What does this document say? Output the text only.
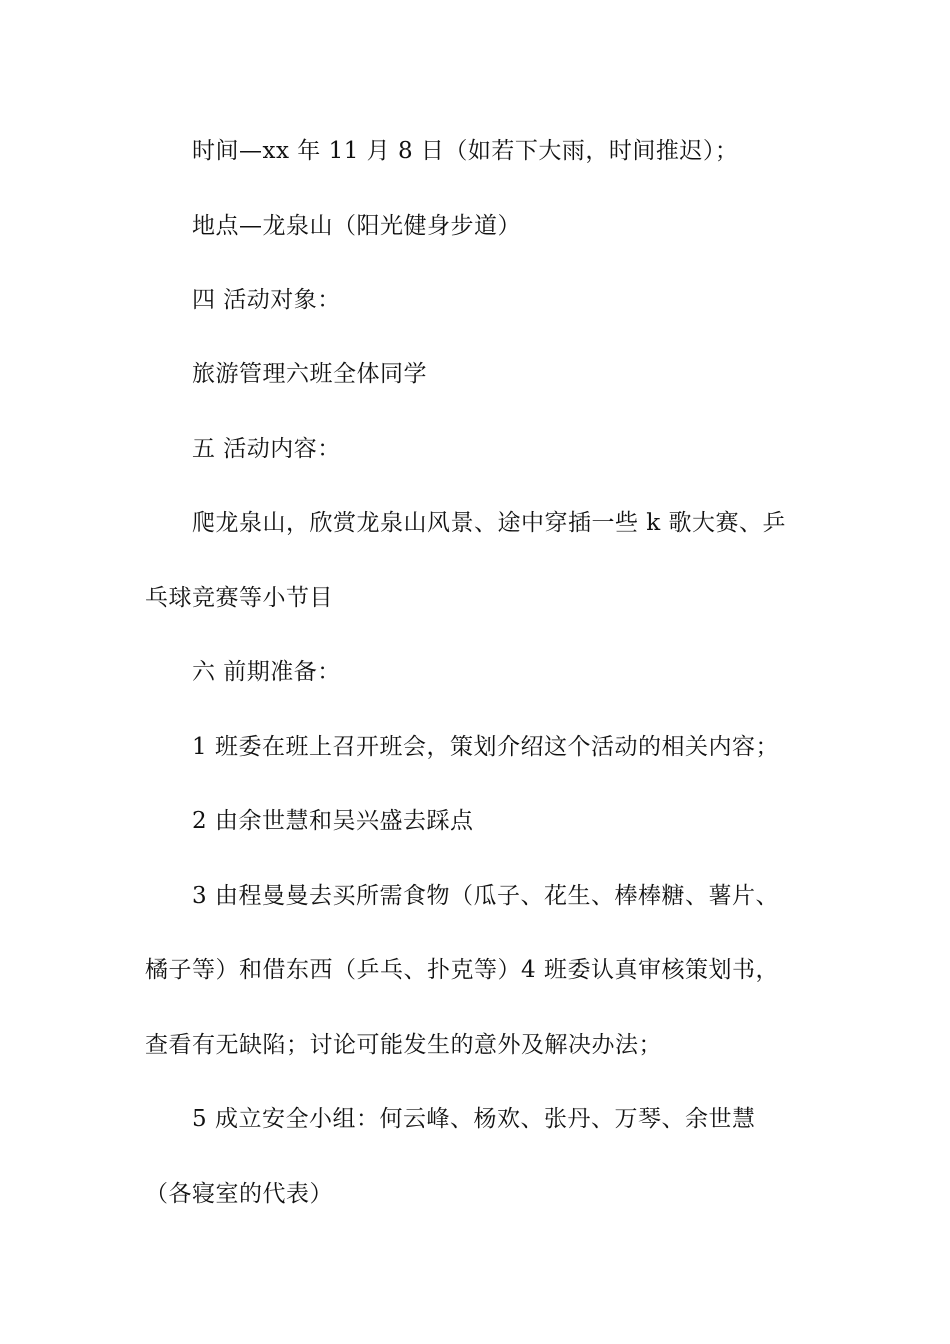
时间—xx 年 11 月 8 日（如若下大雨，时间推迟）；
地点—龙泉山（阳光健身步道）
四 活动对象：
旅游管理六班全体同学
五 活动内容：
爬龙泉山，欣赏龙泉山风景、途中穿插一些 k 歌大赛、乒
乓球竞赛等小节目
六 前期准备：
1 班委在班上召开班会，策划介绍这个活动的相关内容；
2 由余世慧和吴兴盛去踩点
3 由程曼曼去买所需食物（瓜子、花生、棒棒糖、薯片、
橘子等）和借东西（乒乓、扑克等）4 班委认真审核策划书，
查看有无缺陷；讨论可能发生的意外及解决办法；
5 成立安全小组：何云峰、杨欢、张丹、万琴、余世慧
（各寝室的代表）
